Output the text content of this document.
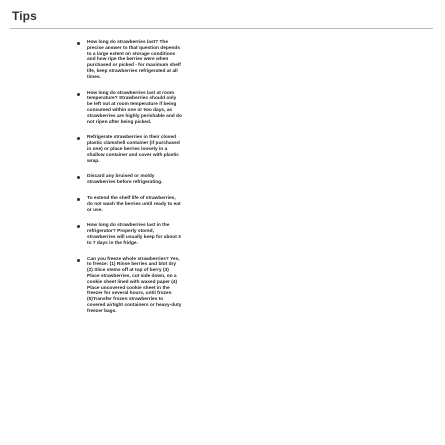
Tips
How long do strawberries last? The precise answer to that question depends to a large extent on storage conditions and how ripe the berries were when purchased or picked - for maximum shelf life, keep strawberries refrigerated at all times.
How long do strawberries last at room temperature? Strawberries should only be left out at room temperature if being consumed within one or two days, as strawberries are highly perishable and do not ripen after being picked.
Refrigerate strawberries in their closed plastic clamshell container (if purchased in one) or place berries loosely in a shallow container and cover with plastic wrap.
Discard any bruised or moldy strawberries before refrigerating.
To extend the shelf life of strawberries, do not wash the berries until ready to eat or use.
How long do strawberries last in the refrigerator? Properly stored, strawberries will usually keep for about 3 to 7 days in the fridge.
Can you freeze whole strawberries? Yes, to freeze: (1) Rinse berries and blot dry (2) Slice stems off at top of berry (3) Place strawberries, cut side down, on a cookie sheet lined with waxed paper (4) Place uncovered cookie sheet in the freezer for several hours, until frozen (5)Transfer frozen strawberries to covered airtight containers or heavy-duty freezer bags.
